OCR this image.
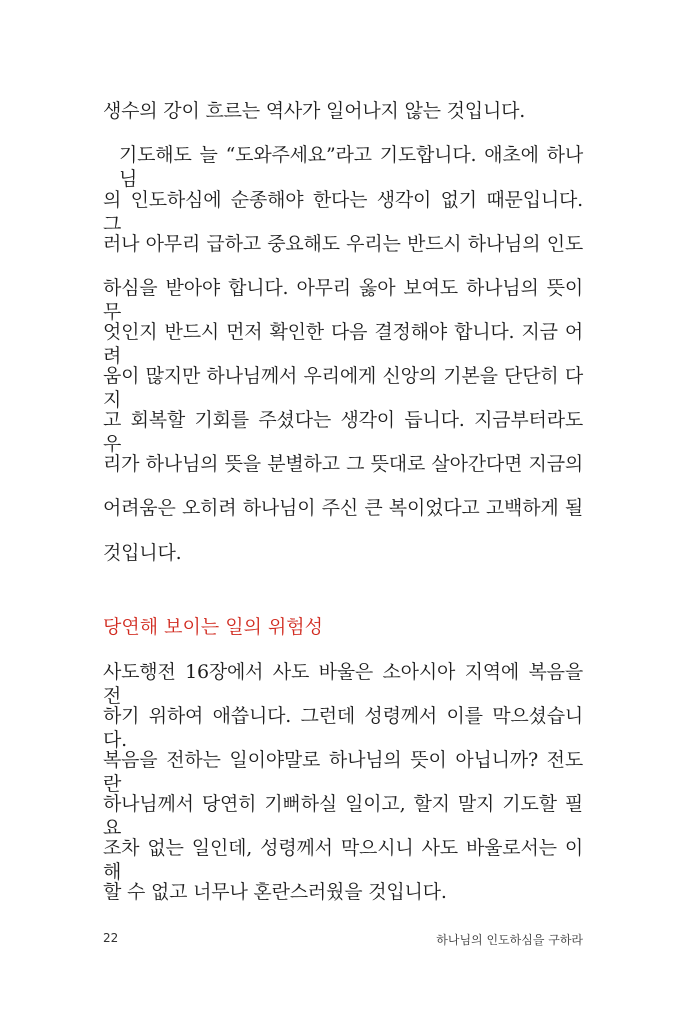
생수의 강이 흐르는 역사가 일어나지 않는 것입니다.
기도해도 늘 “도와주세요”라고 기도합니다. 애초에 하나님
의 인도하심에 순종해야 한다는 생각이 없기 때문입니다. 그
러나 아무리 급하고 중요해도 우리는 반드시 하나님의 인도
하심을 받아야 합니다. 아무리 옳아 보여도 하나님의 뜻이 무
엇인지 반드시 먼저 확인한 다음 결정해야 합니다. 지금 어려
움이 많지만 하나님께서 우리에게 신앙의 기본을 단단히 다지
고 회복할 기회를 주셨다는 생각이 듭니다. 지금부터라도 우
리가 하나님의 뜻을 분별하고 그 뜻대로 살아간다면 지금의
어려움은 오히려 하나님이 주신 큰 복이었다고 고백하게 될
것입니다.
당연해 보이는 일의 위험성
사도행전 16장에서 사도 바울은 소아시아 지역에 복음을 전
하기 위하여 애씁니다. 그런데 성령께서 이를 막으셨습니다.
복음을 전하는 일이야말로 하나님의 뜻이 아닙니까? 전도란
하나님께서 당연히 기뻐하실 일이고, 할지 말지 기도할 필요
조차 없는 일인데, 성령께서 막으시니 사도 바울로서는 이해
할 수 없고 너무나 혼란스러웠을 것입니다.
22	하나님의 인도하심을 구하라
